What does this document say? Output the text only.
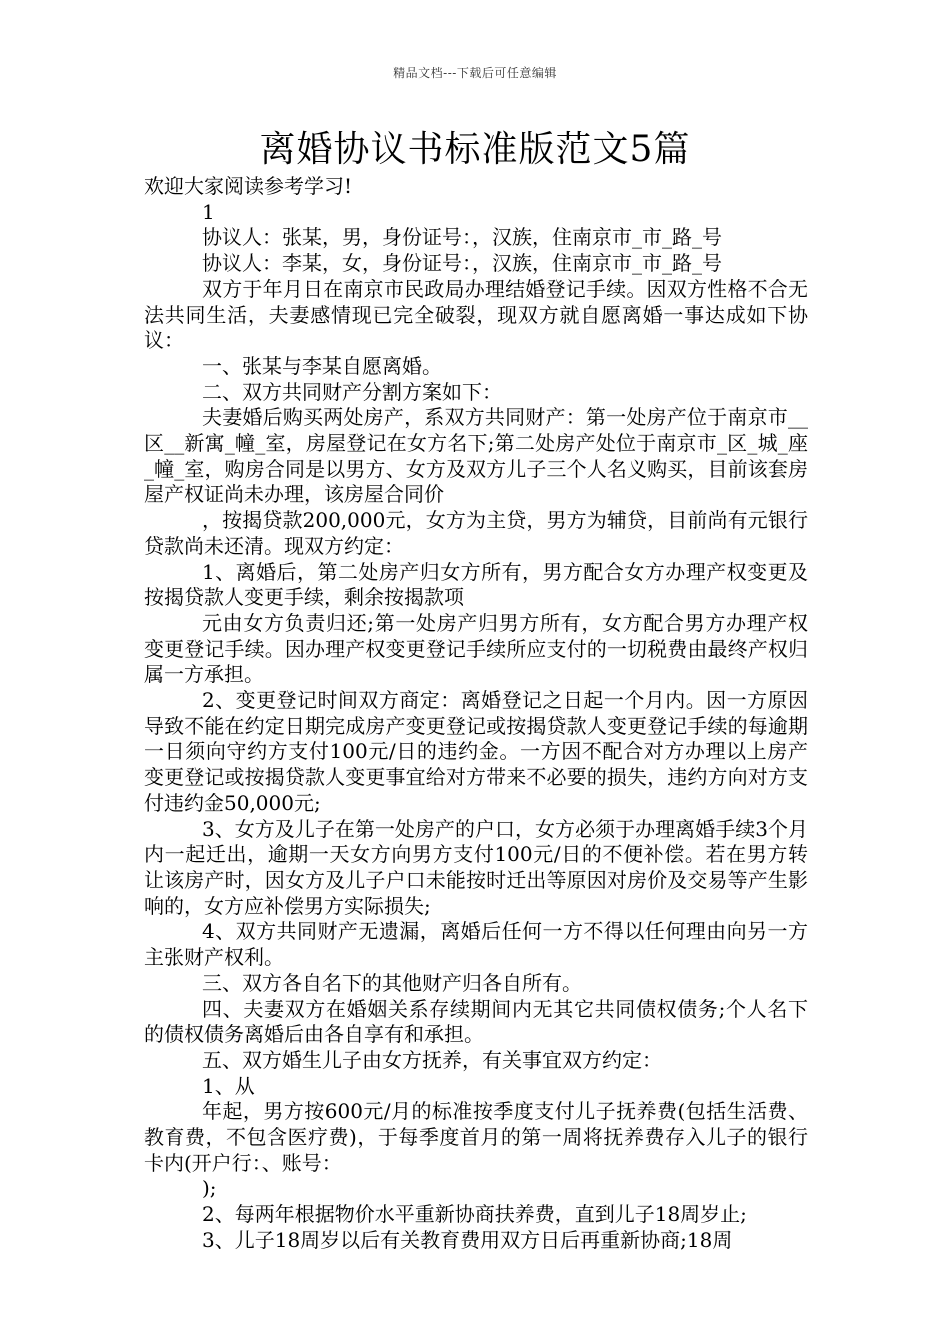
精品文档---下载后可任意编辑
离婚协议书标准版范文5篇

欢迎大家阅读参考学习!

1

协议人：张某，男，身份证号：，汉族，住南京市_市_路_号

协议人：李某，女，身份证号：，汉族，住南京市_市_路_号

双方于年月日在南京市民政局办理结婚登记手续。因双方性格不合无法共同生活，夫妻感情现已完全破裂，现双方就自愿离婚一事达成如下协议：

一、张某与李某自愿离婚。

二、双方共同财产分割方案如下：

夫妻婚后购买两处房产，系双方共同财产：第一处房产位于南京市__区__新寓_幢_室，房屋登记在女方名下;第二处房产处位于南京市_区_城_座_幢_室，购房合同是以男方、女方及双方儿子三个人名义购买，目前该套房屋产权证尚未办理，该房屋合同价

，按揭贷款200,000元，女方为主贷，男方为辅贷，目前尚有元银行贷款尚未还清。现双方约定：

1、离婚后，第二处房产归女方所有，男方配合女方办理产权变更及按揭贷款人变更手续，剩余按揭款项

元由女方负责归还;第一处房产归男方所有，女方配合男方办理产权变更登记手续。因办理产权变更登记手续所应支付的一切税费由最终产权归属一方承担。

2、变更登记时间双方商定：离婚登记之日起一个月内。因一方原因导致不能在约定日期完成房产变更登记或按揭贷款人变更登记手续的每逾期一日须向守约方支付100元/日的违约金。一方因不配合对方办理以上房产变更登记或按揭贷款人变更事宜给对方带来不必要的损失，违约方向对方支付违约金50,000元;

3、女方及儿子在第一处房产的户口，女方必须于办理离婚手续3个月内一起迁出，逾期一天女方向男方支付100元/日的不便补偿。若在男方转让该房产时，因女方及儿子户口未能按时迁出等原因对房价及交易等产生影响的，女方应补偿男方实际损失;

4、双方共同财产无遗漏，离婚后任何一方不得以任何理由向另一方主张财产权利。

三、双方各自名下的其他财产归各自所有。

四、夫妻双方在婚姻关系存续期间内无其它共同债权债务;个人名下的债权债务离婚后由各自享有和承担。

五、双方婚生儿子由女方抚养，有关事宜双方约定：

1、从

年起，男方按600元/月的标准按季度支付儿子抚养费(包括生活费、教育费，不包含医疗费)，于每季度首月的第一周将抚养费存入儿子的银行卡内(开户行：、账号：

);

2、每两年根据物价水平重新协商扶养费，直到儿子18周岁止;

3、儿子18周岁以后有关教育费用双方日后再重新协商;18周
